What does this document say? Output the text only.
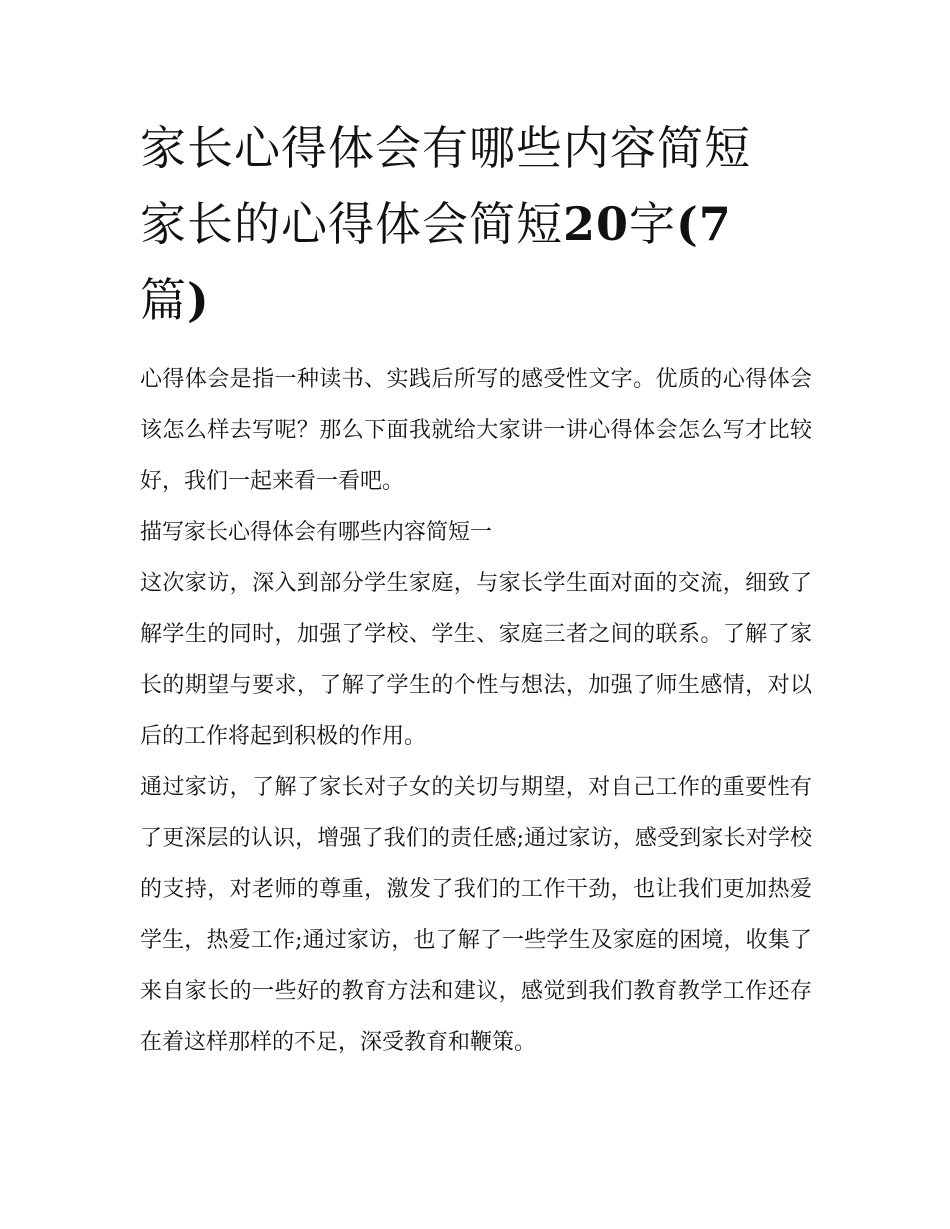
家长心得体会有哪些内容简短
家长的心得体会简短20字(7
篇)

心得体会是指一种读书、实践后所写的感受性文字。优质的心得体会该怎么样去写呢？那么下面我就给大家讲一讲心得体会怎么写才比较好，我们一起来看一看吧。

描写家长心得体会有哪些内容简短一

这次家访，深入到部分学生家庭，与家长学生面对面的交流，细致了解学生的同时，加强了学校、学生、家庭三者之间的联系。了解了家长的期望与要求，了解了学生的个性与想法，加强了师生感情，对以后的工作将起到积极的作用。

通过家访，了解了家长对子女的关切与期望，对自己工作的重要性有了更深层的认识，增强了我们的责任感;通过家访，感受到家长对学校的支持，对老师的尊重，激发了我们的工作干劲，也让我们更加热爱学生，热爱工作;通过家访，也了解了一些学生及家庭的困境，收集了来自家长的一些好的教育方法和建议，感觉到我们教育教学工作还存在着这样那样的不足，深受教育和鞭策。
